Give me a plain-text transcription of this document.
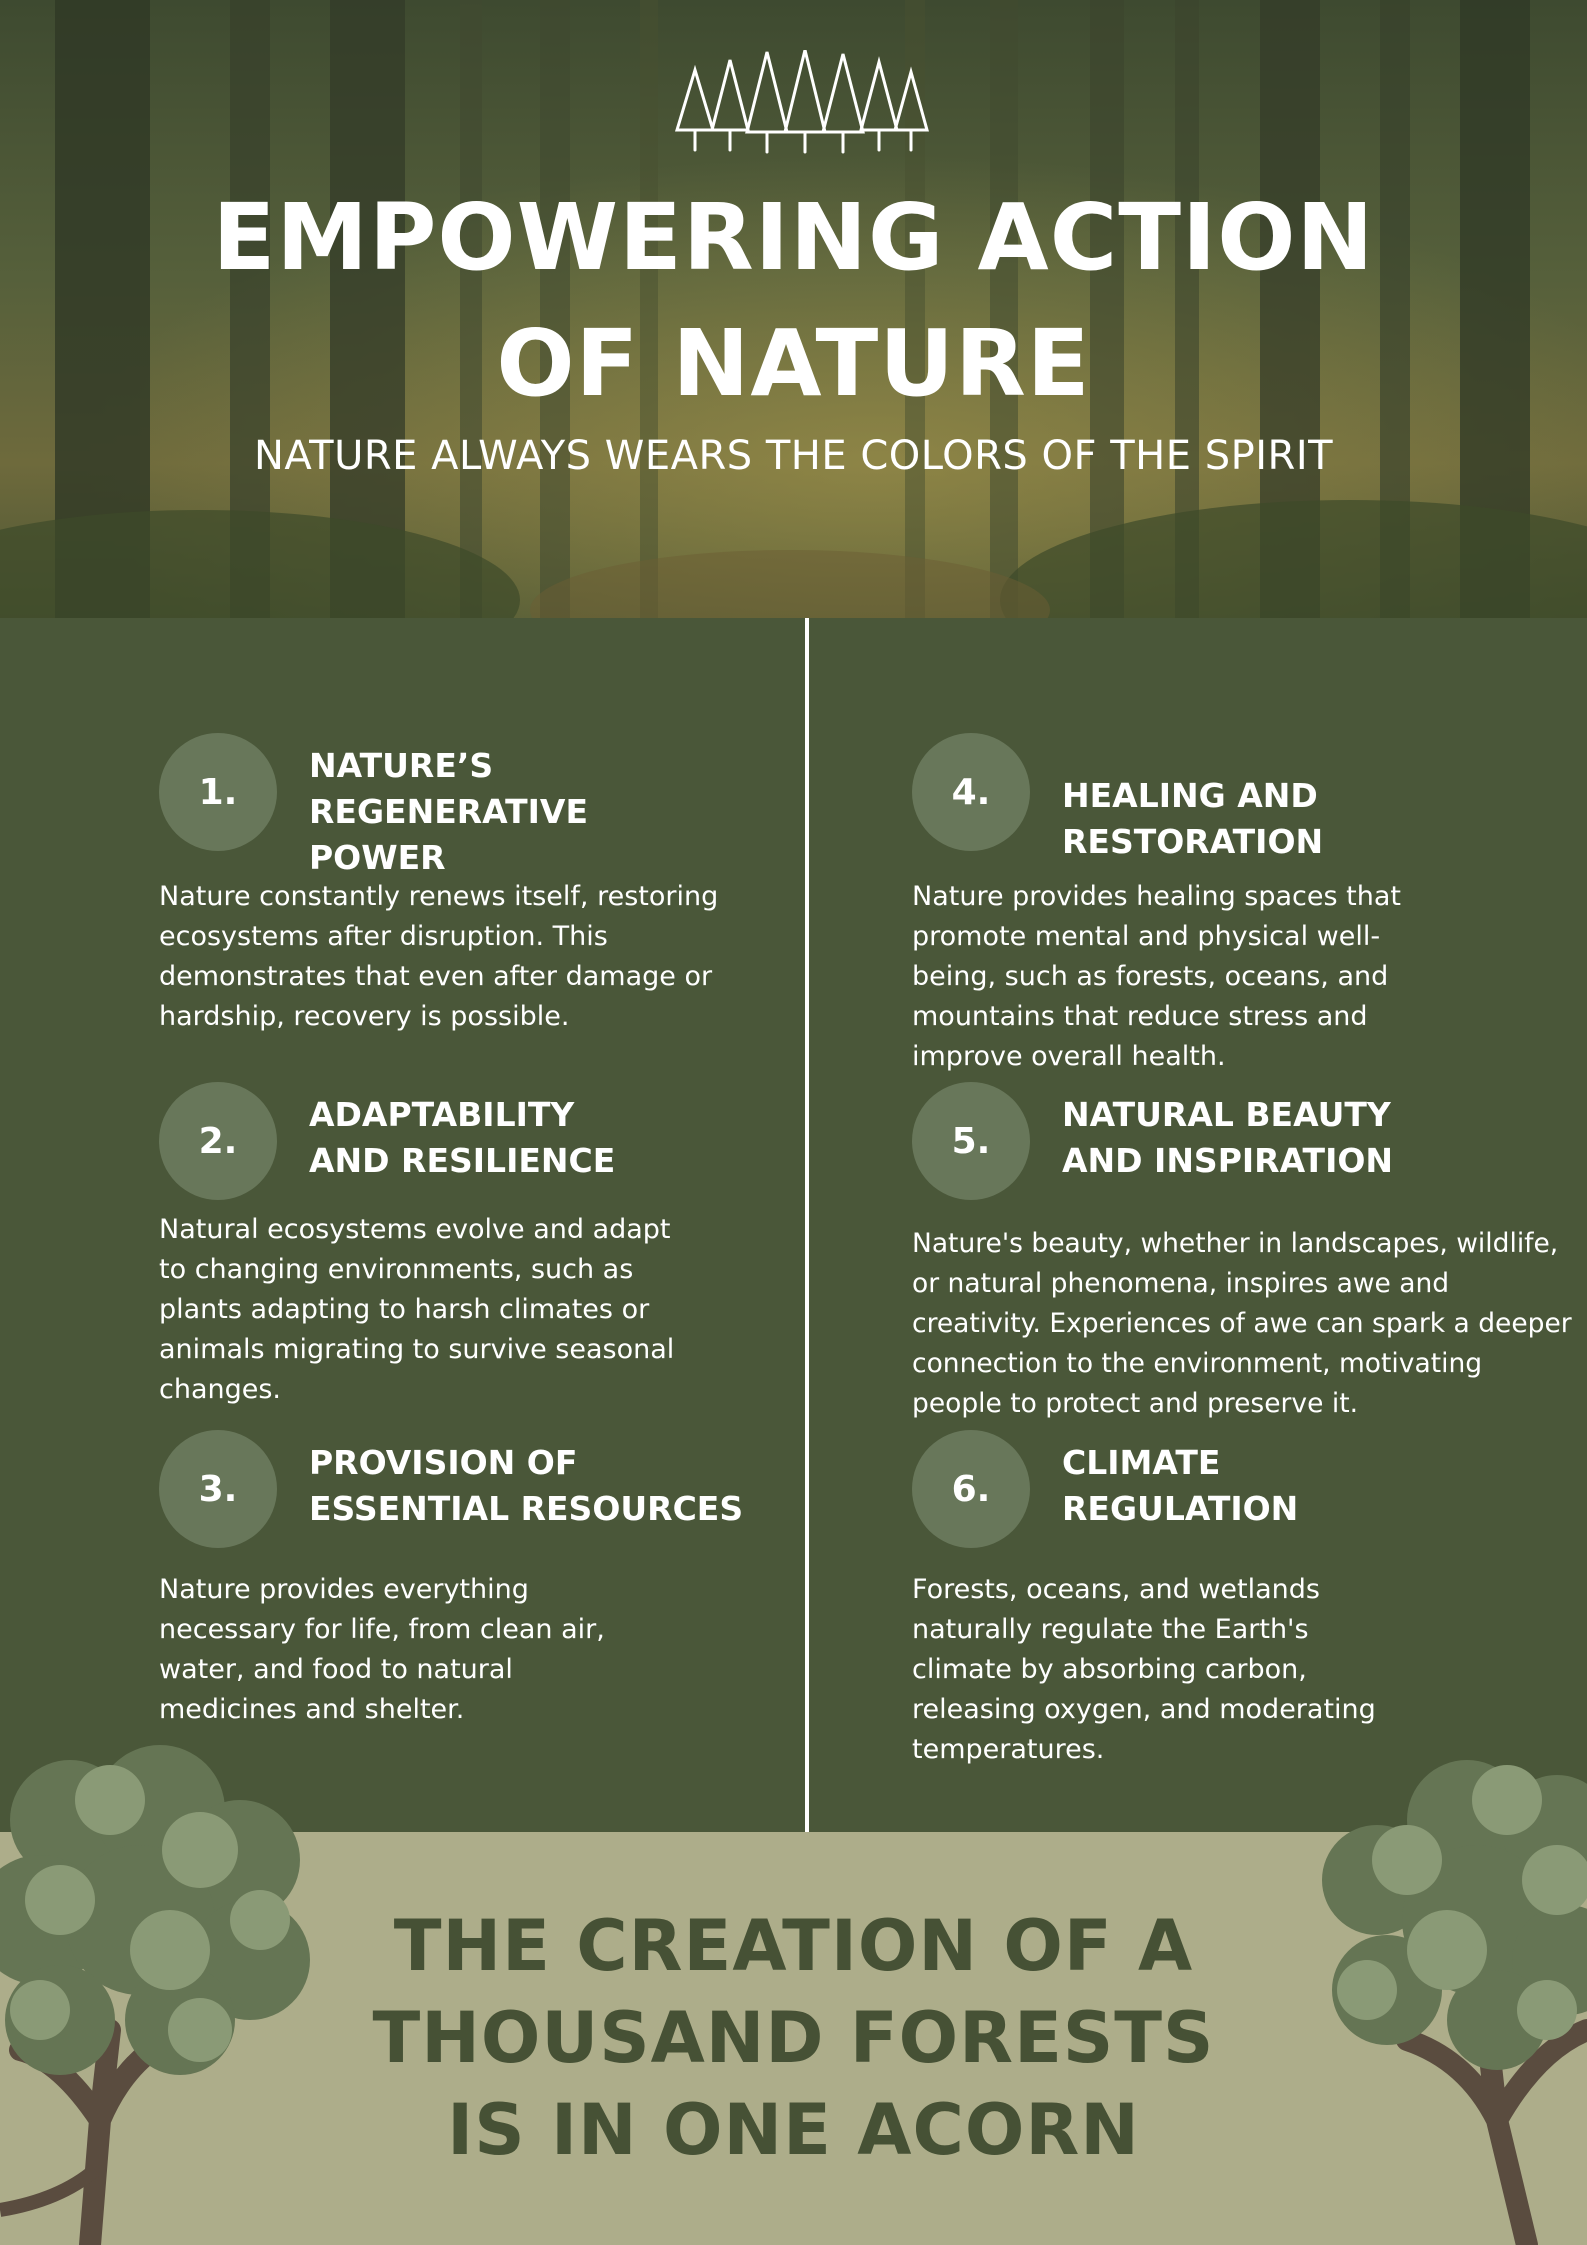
EMPOWERING ACTION
OF NATURE
NATURE ALWAYS WEARS THE COLORS OF THE SPIRIT
1.

NATURE’S
REGENERATIVE
POWER

Nature constantly renews itself, restoring ecosystems after disruption. This demonstrates that even after damage or hardship, recovery is possible.

2.

ADAPTABILITY
AND RESILIENCE

Natural ecosystems evolve and adapt to changing environments, such as plants adapting to harsh climates or animals migrating to survive seasonal changes.

3.

PROVISION OF
ESSENTIAL RESOURCES

Nature provides everything necessary for life, from clean air, water, and food to natural medicines and shelter.

4.	HEALING AND
RESTORATION

Nature provides healing spaces that promote mental and physical well-being, such as forests, oceans, and mountains that reduce stress and improve overall health.

5.

NATURAL BEAUTY
AND INSPIRATION

Nature's beauty, whether in landscapes, wildlife, or natural phenomena, inspires awe and creativity. Experiences of awe can spark a deeper connection to the environment, motivating people to protect and preserve it.

6.

CLIMATE
REGULATION

Forests, oceans, and wetlands naturally regulate the Earth's climate by absorbing carbon, releasing oxygen, and moderating temperatures.

THE CREATION OF A
THOUSAND FORESTS
IS IN ONE ACORN
